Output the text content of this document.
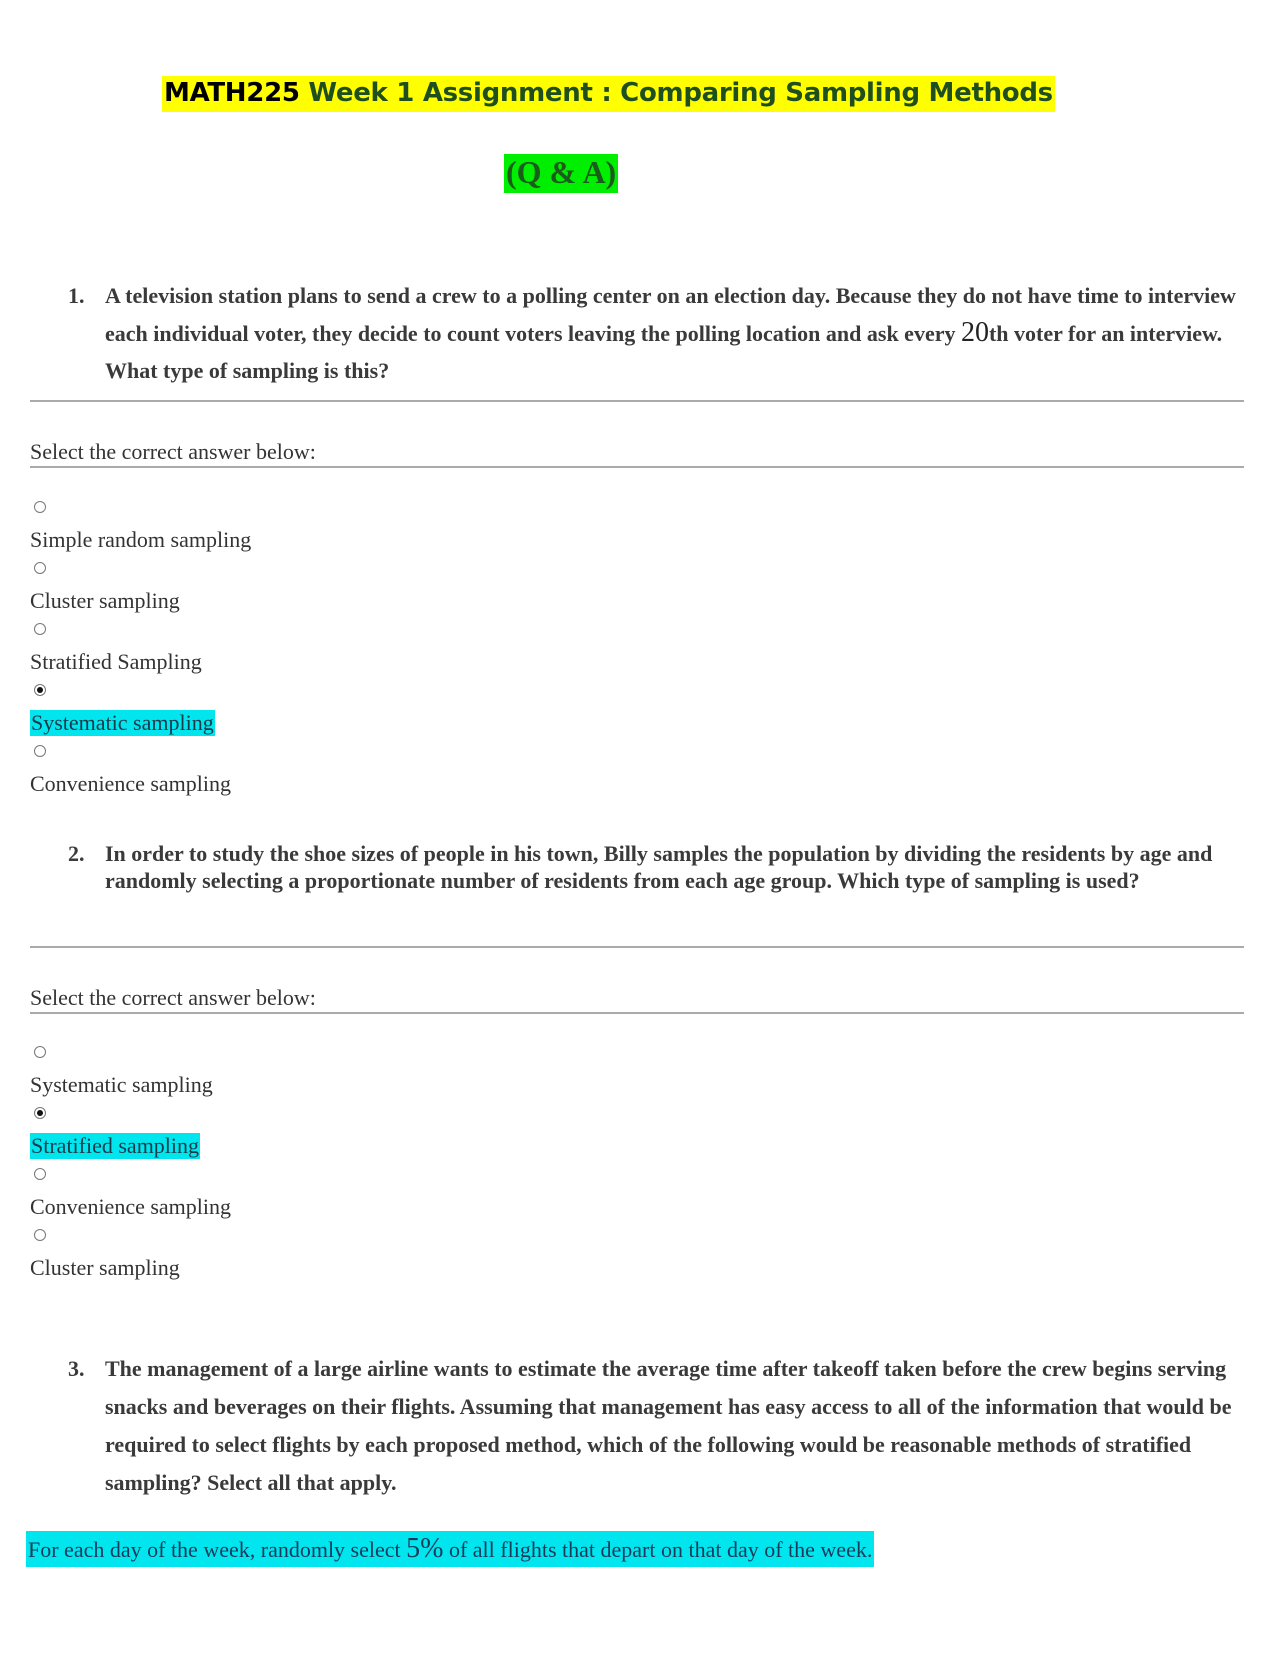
MATH225 Week 1 Assignment : Comparing Sampling Methods
(Q & A)
1. A television station plans to send a crew to a polling center on an election day. Because they do not have time to interview each individual voter, they decide to count voters leaving the polling location and ask every 20th voter for an interview. What type of sampling is this?
Select the correct answer below:
Simple random sampling
Cluster sampling
Stratified Sampling
Systematic sampling
Convenience sampling
2. In order to study the shoe sizes of people in his town, Billy samples the population by dividing the residents by age and randomly selecting a proportionate number of residents from each age group. Which type of sampling is used?
Select the correct answer below:
Systematic sampling
Stratified sampling
Convenience sampling
Cluster sampling
3. The management of a large airline wants to estimate the average time after takeoff taken before the crew begins serving snacks and beverages on their flights. Assuming that management has easy access to all of the information that would be required to select flights by each proposed method, which of the following would be reasonable methods of stratified sampling? Select all that apply.
For each day of the week, randomly select 5% of all flights that depart on that day of the week.
